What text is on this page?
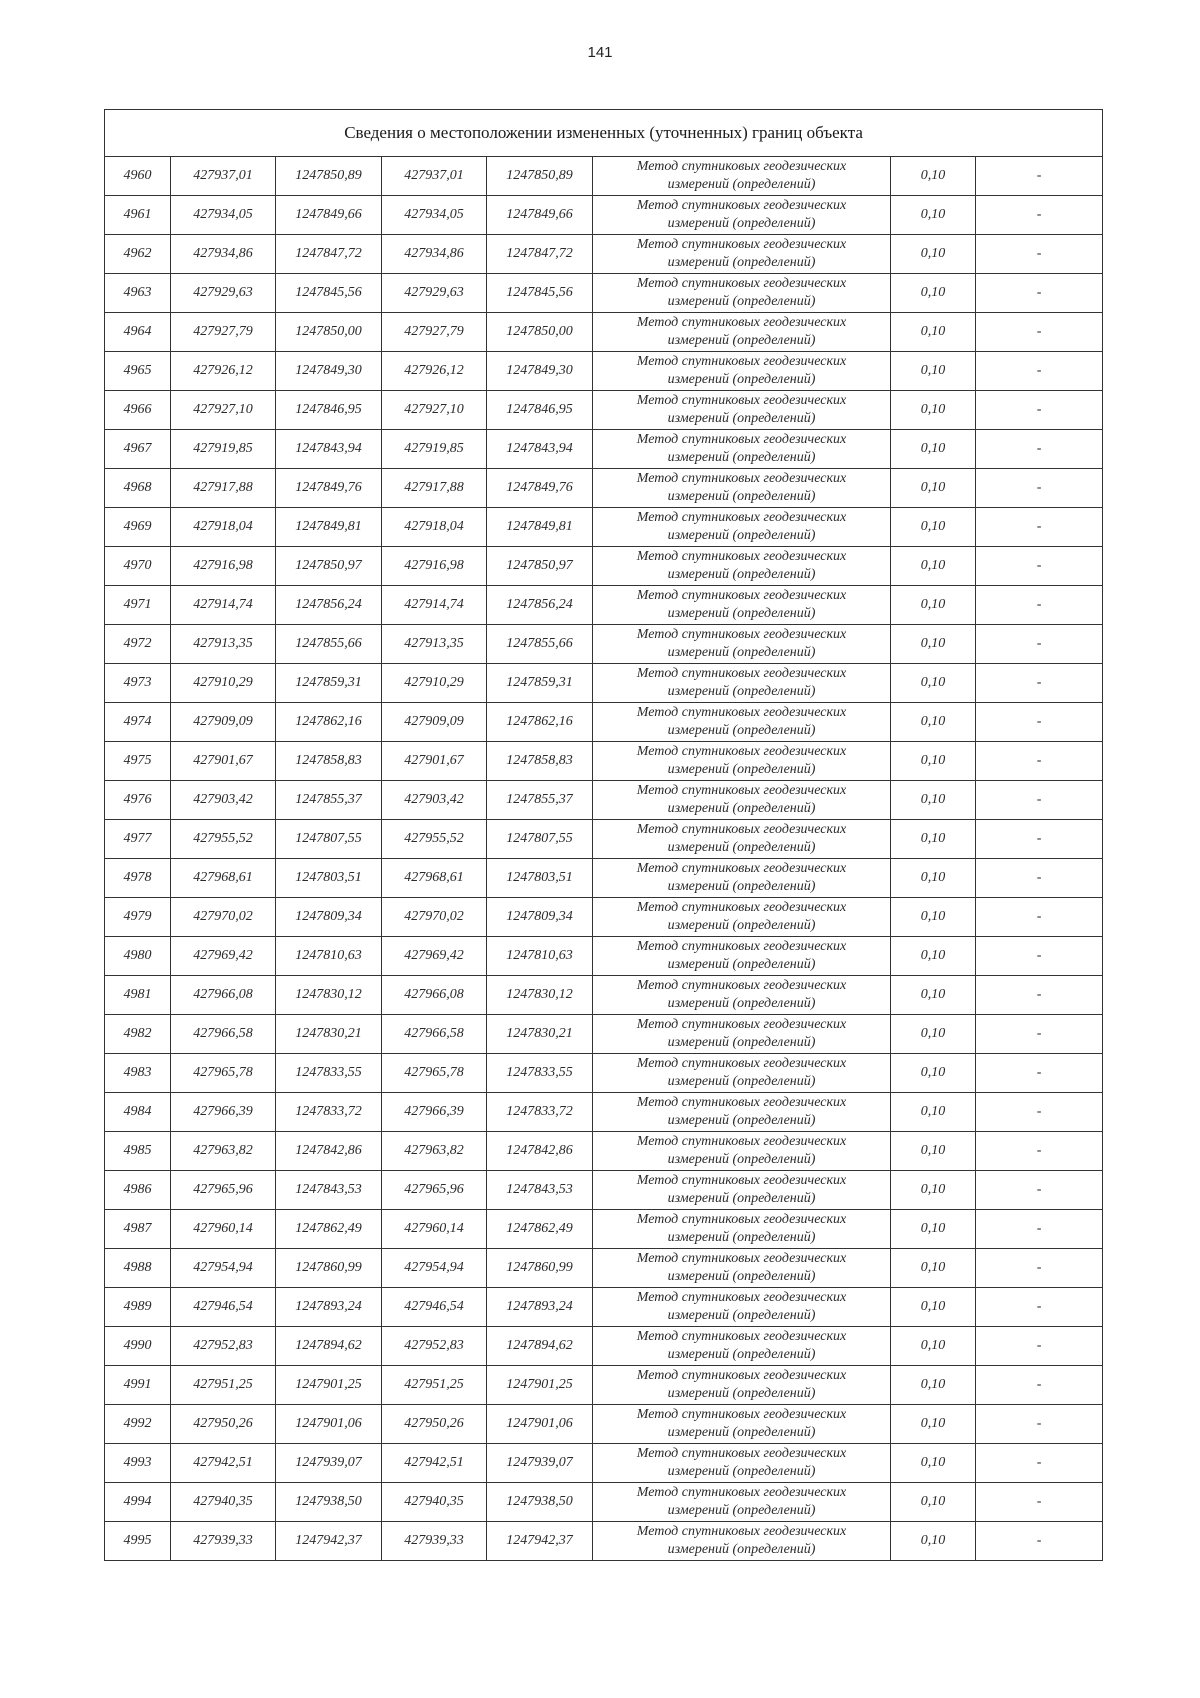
141
Сведения о местоположении измененных (уточненных) границ объекта							
4960	427937,01	1247850,89	427937,01	1247850,89	Метод спутниковых геодезических
измерений (определений)	0,10	-
4961	427934,05	1247849,66	427934,05	1247849,66	Метод спутниковых геодезических
измерений (определений)	0,10	-
4962	427934,86	1247847,72	427934,86	1247847,72	Метод спутниковых геодезических
измерений (определений)	0,10	-
4963	427929,63	1247845,56	427929,63	1247845,56	Метод спутниковых геодезических
измерений (определений)	0,10	-
4964	427927,79	1247850,00	427927,79	1247850,00	Метод спутниковых геодезических
измерений (определений)	0,10	-
4965	427926,12	1247849,30	427926,12	1247849,30	Метод спутниковых геодезических
измерений (определений)	0,10	-
4966	427927,10	1247846,95	427927,10	1247846,95	Метод спутниковых геодезических
измерений (определений)	0,10	-
4967	427919,85	1247843,94	427919,85	1247843,94	Метод спутниковых геодезических
измерений (определений)	0,10	-
4968	427917,88	1247849,76	427917,88	1247849,76	Метод спутниковых геодезических
измерений (определений)	0,10	-
4969	427918,04	1247849,81	427918,04	1247849,81	Метод спутниковых геодезических
измерений (определений)	0,10	-
4970	427916,98	1247850,97	427916,98	1247850,97	Метод спутниковых геодезических
измерений (определений)	0,10	-
4971	427914,74	1247856,24	427914,74	1247856,24	Метод спутниковых геодезических
измерений (определений)	0,10	-
4972	427913,35	1247855,66	427913,35	1247855,66	Метод спутниковых геодезических
измерений (определений)	0,10	-
4973	427910,29	1247859,31	427910,29	1247859,31	Метод спутниковых геодезических
измерений (определений)	0,10	-
4974	427909,09	1247862,16	427909,09	1247862,16	Метод спутниковых геодезических
измерений (определений)	0,10	-
4975	427901,67	1247858,83	427901,67	1247858,83	Метод спутниковых геодезических
измерений (определений)	0,10	-
4976	427903,42	1247855,37	427903,42	1247855,37	Метод спутниковых геодезических
измерений (определений)	0,10	-
4977	427955,52	1247807,55	427955,52	1247807,55	Метод спутниковых геодезических
измерений (определений)	0,10	-
4978	427968,61	1247803,51	427968,61	1247803,51	Метод спутниковых геодезических
измерений (определений)	0,10	-
4979	427970,02	1247809,34	427970,02	1247809,34	Метод спутниковых геодезических
измерений (определений)	0,10	-
4980	427969,42	1247810,63	427969,42	1247810,63	Метод спутниковых геодезических
измерений (определений)	0,10	-
4981	427966,08	1247830,12	427966,08	1247830,12	Метод спутниковых геодезических
измерений (определений)	0,10	-
4982	427966,58	1247830,21	427966,58	1247830,21	Метод спутниковых геодезических
измерений (определений)	0,10	-
4983	427965,78	1247833,55	427965,78	1247833,55	Метод спутниковых геодезических
измерений (определений)	0,10	-
4984	427966,39	1247833,72	427966,39	1247833,72	Метод спутниковых геодезических
измерений (определений)	0,10	-
4985	427963,82	1247842,86	427963,82	1247842,86	Метод спутниковых геодезических
измерений (определений)	0,10	-
4986	427965,96	1247843,53	427965,96	1247843,53	Метод спутниковых геодезических
измерений (определений)	0,10	-
4987	427960,14	1247862,49	427960,14	1247862,49	Метод спутниковых геодезических
измерений (определений)	0,10	-
4988	427954,94	1247860,99	427954,94	1247860,99	Метод спутниковых геодезических
измерений (определений)	0,10	-
4989	427946,54	1247893,24	427946,54	1247893,24	Метод спутниковых геодезических
измерений (определений)	0,10	-
4990	427952,83	1247894,62	427952,83	1247894,62	Метод спутниковых геодезических
измерений (определений)	0,10	-
4991	427951,25	1247901,25	427951,25	1247901,25	Метод спутниковых геодезических
измерений (определений)	0,10	-
4992	427950,26	1247901,06	427950,26	1247901,06	Метод спутниковых геодезических
измерений (определений)	0,10	-
4993	427942,51	1247939,07	427942,51	1247939,07	Метод спутниковых геодезических
измерений (определений)	0,10	-
4994	427940,35	1247938,50	427940,35	1247938,50	Метод спутниковых геодезических
измерений (определений)	0,10	-
4995	427939,33	1247942,37	427939,33	1247942,37	Метод спутниковых геодезических
измерений (определений)	0,10	-
